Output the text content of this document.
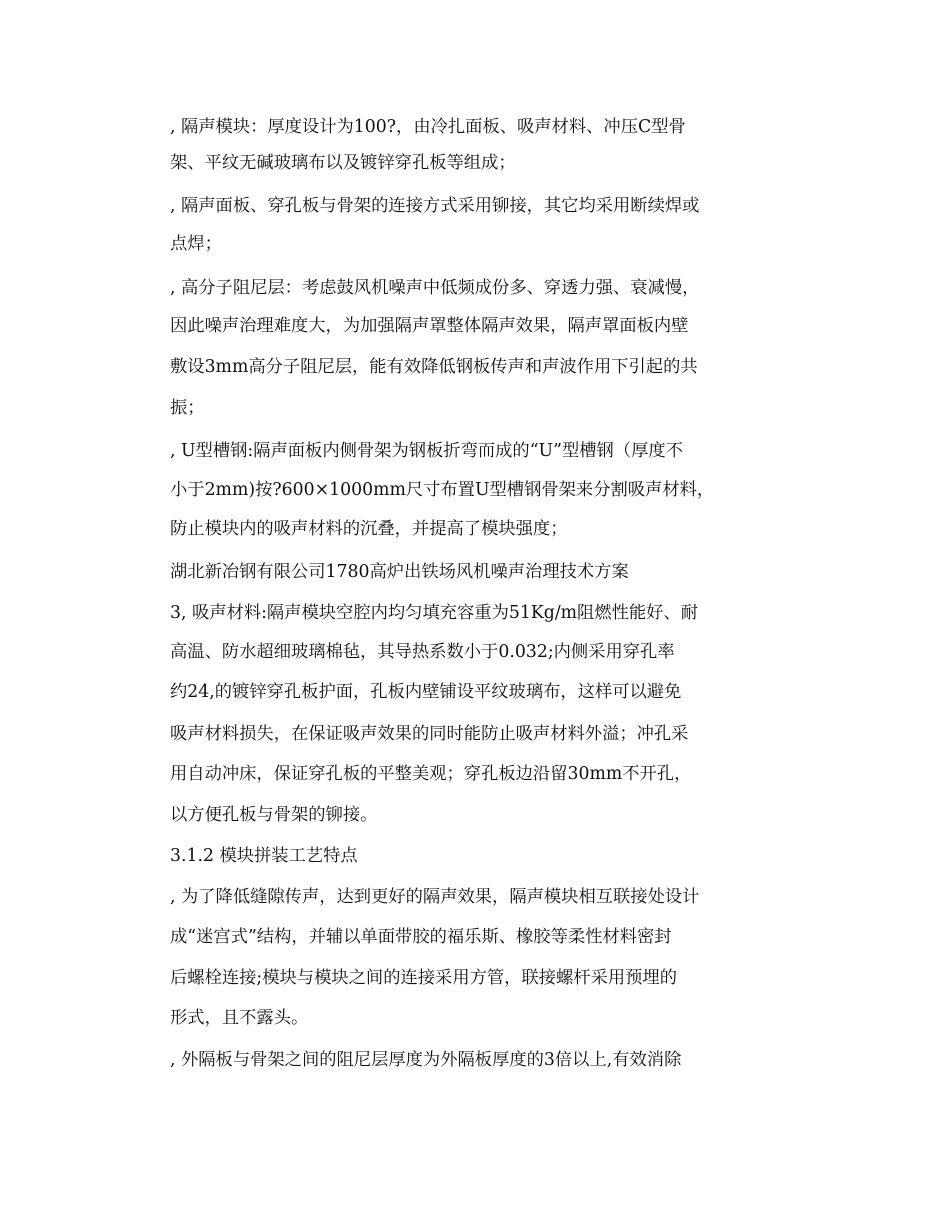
, 隔声模块：厚度设计为100?，由冷扎面板、吸声材料、冲压C型骨
架、平纹无碱玻璃布以及镀锌穿孔板等组成；
, 隔声面板、穿孔板与骨架的连接方式采用铆接，其它均采用断续焊或
点焊；
, 高分子阻尼层：考虑鼓风机噪声中低频成份多、穿透力强、衰减慢，
因此噪声治理难度大，为加强隔声罩整体隔声效果，隔声罩面板内壁
敷设3mm高分子阻尼层，能有效降低钢板传声和声波作用下引起的共
振；
, U型槽钢:隔声面板内侧骨架为钢板折弯而成的“U”型槽钢（厚度不
小于2mm)按?600×1000mm尺寸布置U型槽钢骨架来分割吸声材料，
防止模块内的吸声材料的沉叠，并提高了模块强度；
湖北新冶钢有限公司1780高炉出铁场风机噪声治理技术方案
3, 吸声材料:隔声模块空腔内均匀填充容重为51Kg/m阻燃性能好、耐
高温、防水超细玻璃棉毡，其导热系数小于0.032;内侧采用穿孔率
约24,的镀锌穿孔板护面，孔板内壁铺设平纹玻璃布，这样可以避免
吸声材料损失，在保证吸声效果的同时能防止吸声材料外溢；冲孔采
用自动冲床，保证穿孔板的平整美观；穿孔板边沿留30mm不开孔，
以方便孔板与骨架的铆接。
3.1.2 模块拼装工艺特点
, 为了降低缝隙传声，达到更好的隔声效果，隔声模块相互联接处设计
成“迷宫式”结构，并辅以单面带胶的福乐斯、橡胶等柔性材料密封
后螺栓连接;模块与模块之间的连接采用方管，联接螺杆采用预埋的
形式，且不露头。
, 外隔板与骨架之间的阻尼层厚度为外隔板厚度的3倍以上,有效消除
